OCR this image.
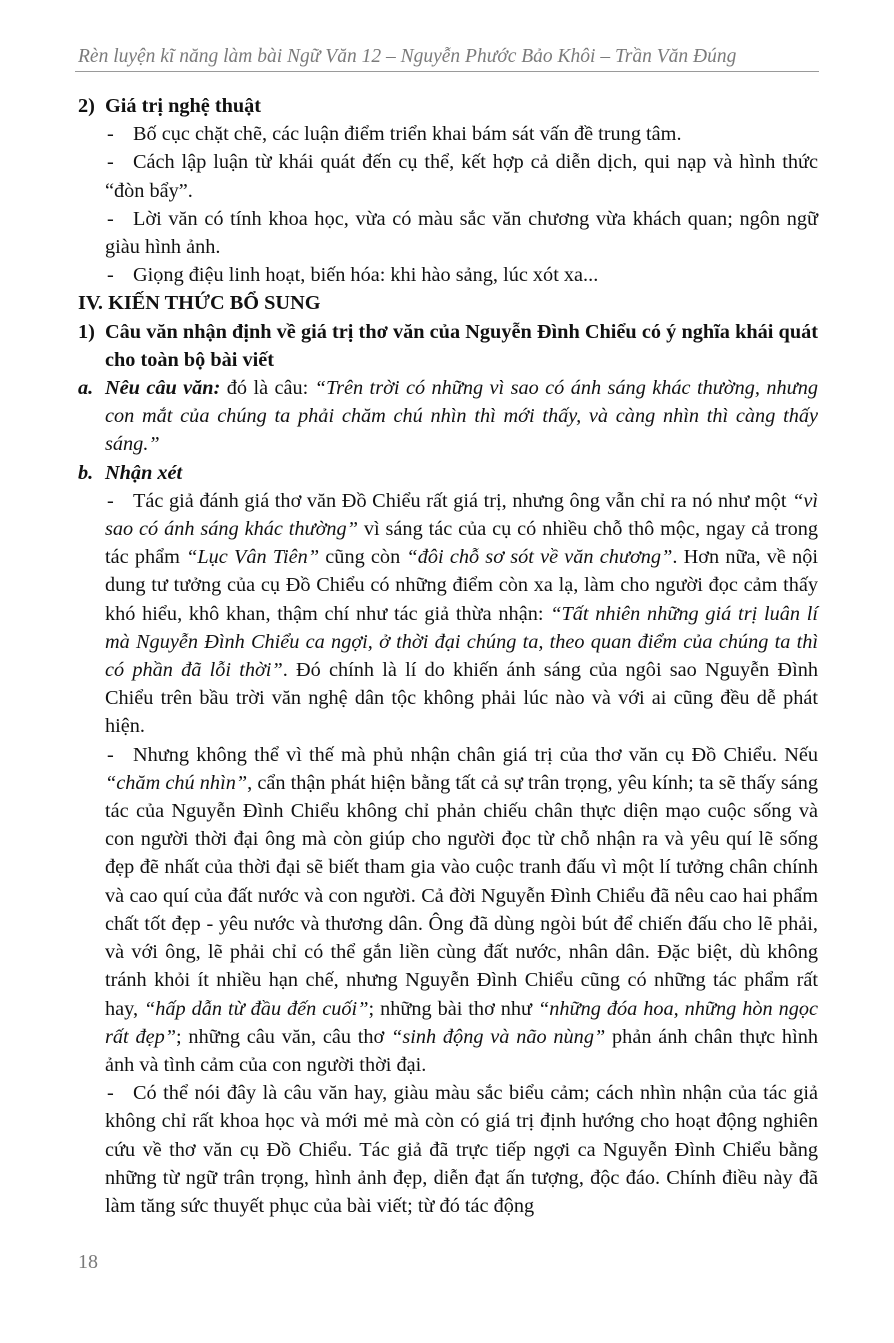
Rèn luyện kĩ năng làm bài Ngữ Văn 12 – Nguyễn Phước Bảo Khôi – Trần Văn Đúng
2) Giá trị nghệ thuật
- Bố cục chặt chẽ, các luận điểm triển khai bám sát vấn đề trung tâm.
- Cách lập luận từ khái quát đến cụ thể, kết hợp cả diễn dịch, qui nạp và hình thức “đòn bẩy”.
- Lời văn có tính khoa học, vừa có màu sắc văn chương vừa khách quan; ngôn ngữ giàu hình ảnh.
- Giọng điệu linh hoạt, biến hóa: khi hào sảng, lúc xót xa...
IV. KIẾN THỨC BỔ SUNG
1) Câu văn nhận định về giá trị thơ văn của Nguyễn Đình Chiểu có ý nghĩa khái quát cho toàn bộ bài viết
a. Nêu câu văn: đó là câu: “Trên trời có những vì sao có ánh sáng khác thường, nhưng con mắt của chúng ta phải chăm chú nhìn thì mới thấy, và càng nhìn thì càng thấy sáng.”
b. Nhận xét
- Tác giả đánh giá thơ văn Đồ Chiểu rất giá trị, nhưng ông vẫn chỉ ra nó như một “vì sao có ánh sáng khác thường” vì sáng tác của cụ có nhiều chỗ thô mộc, ngay cả trong tác phẩm “Lục Vân Tiên” cũng còn “đôi chỗ sơ sót về văn chương”. Hơn nữa, về nội dung tư tưởng của cụ Đồ Chiểu có những điểm còn xa lạ, làm cho người đọc cảm thấy khó hiểu, khô khan, thậm chí như tác giả thừa nhận: “Tất nhiên những giá trị luân lí mà Nguyễn Đình Chiểu ca ngợi, ở thời đại chúng ta, theo quan điểm của chúng ta thì có phần đã lỗi thời”. Đó chính là lí do khiến ánh sáng của ngôi sao Nguyễn Đình Chiểu trên bầu trời văn nghệ dân tộc không phải lúc nào và với ai cũng đều dễ phát hiện.
- Nhưng không thể vì thế mà phủ nhận chân giá trị của thơ văn cụ Đồ Chiểu. Nếu “chăm chú nhìn”, cẩn thận phát hiện bằng tất cả sự trân trọng, yêu kính; ta sẽ thấy sáng tác của Nguyễn Đình Chiểu không chỉ phản chiếu chân thực diện mạo cuộc sống và con người thời đại ông mà còn giúp cho người đọc từ chỗ nhận ra và yêu quí lẽ sống đẹp đẽ nhất của thời đại sẽ biết tham gia vào cuộc tranh đấu vì một lí tưởng chân chính và cao quí của đất nước và con người. Cả đời Nguyễn Đình Chiểu đã nêu cao hai phẩm chất tốt đẹp - yêu nước và thương dân. Ông đã dùng ngòi bút để chiến đấu cho lẽ phải, và với ông, lẽ phải chỉ có thể gắn liền cùng đất nước, nhân dân. Đặc biệt, dù không tránh khỏi ít nhiều hạn chế, nhưng Nguyễn Đình Chiểu cũng có những tác phẩm rất hay, “hấp dẫn từ đầu đến cuối”; những bài thơ như “những đóa hoa, những hòn ngọc rất đẹp”; những câu văn, câu thơ “sinh động và não nùng” phản ánh chân thực hình ảnh và tình cảm của con người thời đại.
- Có thể nói đây là câu văn hay, giàu màu sắc biểu cảm; cách nhìn nhận của tác giả không chỉ rất khoa học và mới mẻ mà còn có giá trị định hướng cho hoạt động nghiên cứu về thơ văn cụ Đồ Chiểu. Tác giả đã trực tiếp ngợi ca Nguyễn Đình Chiểu bằng những từ ngữ trân trọng, hình ảnh đẹp, diễn đạt ấn tượng, độc đáo. Chính điều này đã làm tăng sức thuyết phục của bài viết; từ đó tác động
18
